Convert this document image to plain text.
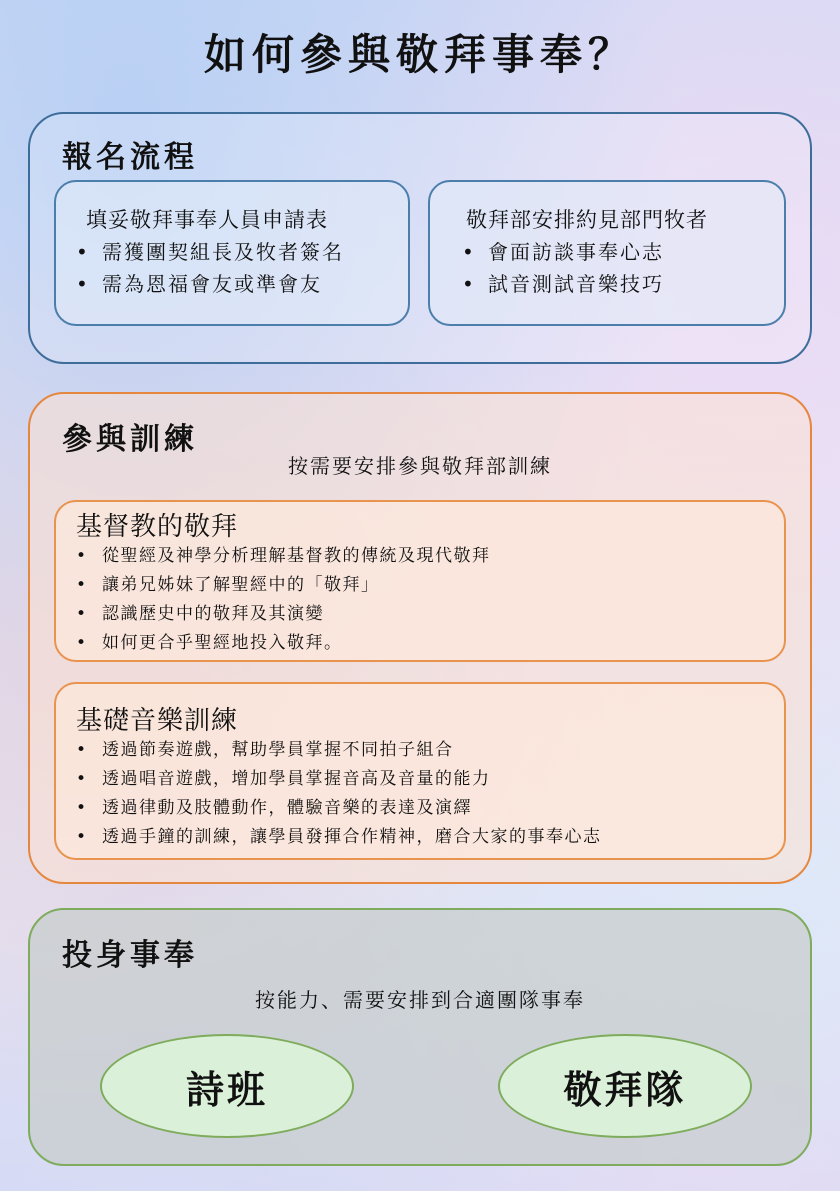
如何參與敬拜事奉？
報名流程
填妥敬拜事奉人員申請表
• 需獲團契組長及牧者簽名
• 需為恩福會友或準會友
敬拜部安排約見部門牧者
• 會面訪談事奉心志
• 試音測試音樂技巧
參與訓練
按需要安排參與敬拜部訓練
基督教的敬拜
• 從聖經及神學分析理解基督教的傳統及現代敬拜
• 讓弟兄姊妹了解聖經中的「敬拜」
• 認識歷史中的敬拜及其演變
• 如何更合乎聖經地投入敬拜。
基礎音樂訓練
• 透過節奏遊戲，幫助學員掌握不同拍子組合
• 透過唱音遊戲，增加學員掌握音高及音量的能力
• 透過律動及肢體動作，體驗音樂的表達及演繹
• 透過手鐘的訓練，讓學員發揮合作精神，磨合大家的事奉心志
投身事奉
按能力、需要安排到合適團隊事奉
詩班	敬拜隊
